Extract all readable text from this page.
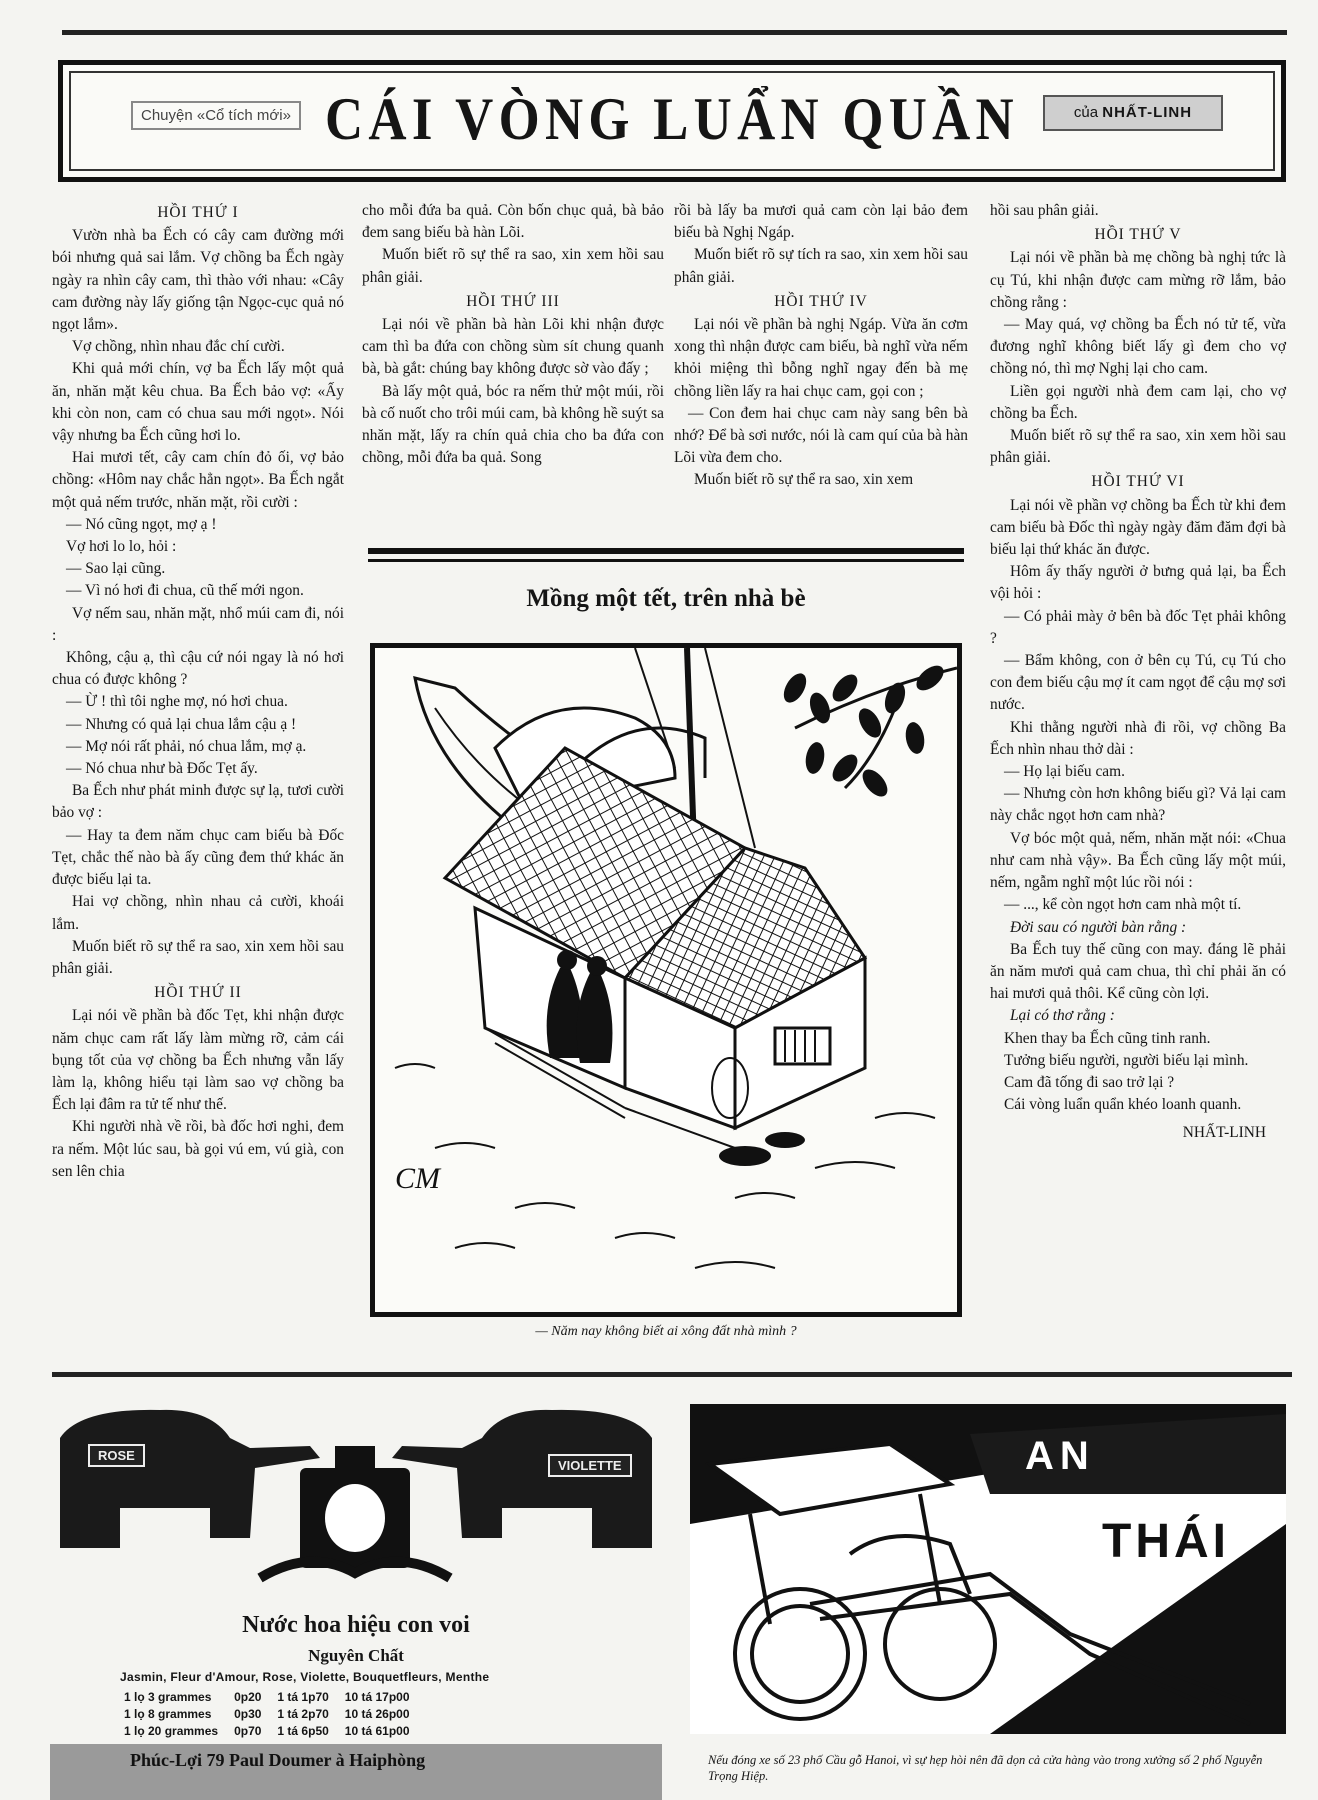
Chuyện «Cổ tích mới» CÁI VÒNG LUẨN QUẦN	của NHẤT-LINH

HỒI THỨ I

Vườn nhà ba Ếch có cây cam đường mới bói nhưng quả sai lắm. Vợ chồng ba Ếch ngày ngày ra nhìn cây cam, thì thào với nhau: «Cây cam đường này lấy giống tận Ngọc-cục quả nó ngọt lắm».

Vợ chồng, nhìn nhau đắc chí cười.

Khi quả mới chín, vợ ba Ếch lấy một quả ăn, nhăn mặt kêu chua. Ba Ếch bảo vợ: «Ấy khi còn non, cam có chua sau mới ngọt». Nói vậy nhưng ba Ếch cũng hơi lo.

Hai mươi tết, cây cam chín đỏ ối, vợ bảo chồng: «Hôm nay chắc hẳn ngọt». Ba Ếch ngắt một quả nếm trước, nhăn mặt, rồi cười :

— Nó cũng ngọt, mợ ạ !

Vợ hơi lo lo, hỏi :

— Sao lại cũng.

— Vì nó hơi đi chua, cũ thế mới ngon.

Vợ nếm sau, nhăn mặt, nhổ múi cam đi, nói :

Không, cậu ạ, thì cậu cứ nói ngay là nó hơi chua có được không ?

— Ừ ! thì tôi nghe mợ, nó hơi chua.

— Nhưng có quả lại chua lắm cậu ạ !

— Mợ nói rất phải, nó chua lắm, mợ ạ.

— Nó chua như bà Đốc Tẹt ấy.

Ba Ếch như phát minh được sự lạ, tươi cười bảo vợ :

— Hay ta đem năm chục cam biếu bà Đốc Tẹt, chắc thế nào bà ấy cũng đem thứ khác ăn được biếu lại ta.

Hai vợ chồng, nhìn nhau cả cười, khoái lắm.

Muốn biết rõ sự thể ra sao, xin xem hồi sau phân giải.

HỒI THỨ II

Lại nói về phần bà đốc Tẹt, khi nhận được năm chục cam rất lấy làm mừng rỡ, cảm cái bụng tốt của vợ chồng ba Ếch nhưng vẫn lấy làm lạ, không hiểu tại làm sao vợ chồng ba Ếch lại đâm ra tử tế như thế.

Khi người nhà về rồi, bà đốc hơi nghi, đem ra nếm. Một lúc sau, bà gọi vú em, vú già, con sen lên chia

cho mỗi đứa ba quả. Còn bốn chục quả, bà bảo đem sang biếu bà hàn Lõi.

Muốn biết rõ sự thể ra sao, xin xem hồi sau phân giải.

HỒI THỨ III

Lại nói về phần bà hàn Lõi khi nhận được cam thì ba đứa con chồng sùm sít chung quanh bà, bà gắt: chúng bay không được sờ vào đấy ;

Bà lấy một quả, bóc ra nếm thử một múi, rồi bà cố nuốt cho trôi múi cam, bà không hề suýt sa nhăn mặt, lấy ra chín quả chia cho ba đứa con chồng, mỗi đứa ba quả. Song

rồi bà lấy ba mươi quả cam còn lại bảo đem biếu bà Nghị Ngáp.

Muốn biết rõ sự tích ra sao, xin xem hồi sau phân giải.

HỒI THỨ IV

Lại nói về phần bà nghị Ngáp. Vừa ăn cơm xong thì nhận được cam biếu, bà nghĩ vừa nếm khỏi miệng thì bỗng nghĩ ngay đến bà mẹ chồng liền lấy ra hai chục cam, gọi con ;

— Con đem hai chục cam này sang bên bà nhớ? Để bà sơi nước, nói là cam quí của bà hàn Lõi vừa đem cho.

Muốn biết rõ sự thể ra sao, xin xem

hồi sau phân giải.

HỒI THỨ V

Lại nói về phần bà mẹ chồng bà nghị tức là cụ Tú, khi nhận được cam mừng rỡ lắm, bảo chồng rằng :

— May quá, vợ chồng ba Ếch nó tử tế, vừa đương nghĩ không biết lấy gì đem cho vợ chồng nó, thì mợ Nghị lại cho cam.

Liền gọi người nhà đem cam lại, cho vợ chồng ba Ếch.

Muốn biết rõ sự thể ra sao, xin xem hồi sau phân giải.

HỒI THỨ VI

Lại nói về phần vợ chồng ba Ếch từ khi đem cam biếu bà Đốc thì ngày ngày đăm đăm đợi bà biếu lại thứ khác ăn được.

Hôm ấy thấy người ở bưng quả lại, ba Ếch vội hỏi :

— Có phải mày ở bên bà đốc Tẹt phải không ?

— Bẩm không, con ở bên cụ Tú, cụ Tú cho con đem biếu cậu mợ ít cam ngọt để cậu mợ sơi nước.

Khi thằng người nhà đi rồi, vợ chồng Ba Ếch nhìn nhau thở dài :

— Họ lại biếu cam.

— Nhưng còn hơn không biếu gì? Vả lại cam này chắc ngọt hơn cam nhà?

Vợ bóc một quả, nếm, nhăn mặt nói: «Chua như cam nhà vậy». Ba Ếch cũng lấy một múi, nếm, ngẫm nghĩ một lúc rồi nói :

— ..., kể còn ngọt hơn cam nhà một tí.

Đời sau có người bàn rằng :

Ba Ếch tuy thế cũng con may. đáng lẽ phải ăn năm mươi quả cam chua, thì chỉ phải ăn có hai mươi quả thôi. Kể cũng còn lợi.

Lại có thơ rằng :

Khen thay ba Ếch cũng tinh ranh.

Tưởng biếu người, người biếu lại mình.

Cam đã tống đi sao trở lại ?

Cái vòng luẩn quẩn khéo loanh quanh.

NHẤT-LINH

Mồng một tết, trên nhà bè
CM
— Năm nay không biết ai xông đất nhà mình ?
ROSE
VIOLETTE
Nước hoa hiệu con voi
Nguyên Chất
Jasmin, Fleur d'Amour, Rose, Violette, Bouquetfleurs, Menthe
1 lọ 3 grammes	0p20	1 tá 1p70	10 tá 17p00
1 lọ 8 grammes	0p30	1 tá 2p70	10 tá 26p00
1 lọ 20 grammes	0p70	1 tá 6p50	10 tá 61p00
Phúc-Lợi 79 Paul Doumer à Haiphòng
AN
THÁI
Nếu đóng xe số 23 phố Cầu gỗ Hanoi, vì sự hẹp hòi nên đã dọn cả cửa hàng vào trong xưởng số 2 phố Nguyễn Trọng Hiệp.
